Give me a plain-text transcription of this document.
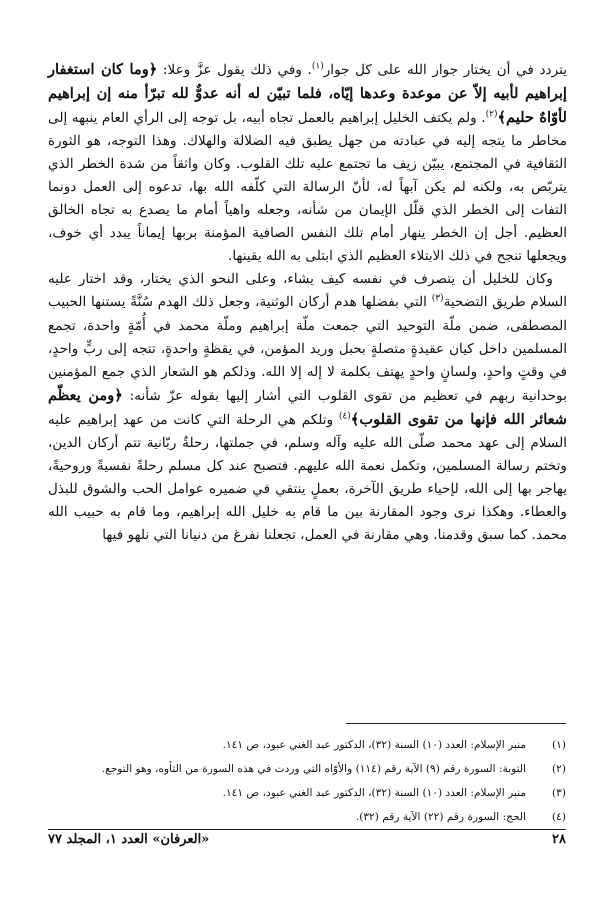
يتردد في أن يختار جوار الله على كل جوار$^{(١)}$. وفي ذلك يقول عزَّ وعلا: ﴿وما كان استغفار إبراهيم لأبيه إلاّ عن موعدة وعدها إيّاه، فلما تبيّن له أنه عدوٌّ لله تبرّأ منه إن إبراهيم لأوّاهٌ حليم﴾$^{(٢)}$. ولم يكتف الخليل إبراهيم بالعمل تجاه أبيه، بل توجه إلى الرأي العام ينبهه إلى مخاطر ما يتجه إليه في عبادته من جهل يطبق فيه الضلالة والهلاك. وهذا التوجه، هو الثورة الثقافية في المجتمع، يبيّن زيف ما تجتمع عليه تلك القلوب. وكان واثقاً من شدة الخطر الذي يتربّص به، ولكنه لم يكن آبهاً له، لأنّ الرسالة التي كلّفه الله بها، تدعوه إلى العمل دونما التفات إلى الخطر الذي قلّل الإيمان من شأنه، وجعله واهياً أمام ما يصدع به تجاه الخالق العظيم. أجل إن الخطر ينهار أمام تلك النفس الصافية المؤمنة بربها إيماناً يبدد أي خوف، ويجعلها تنجح في ذلك الابتلاء العظيم الذي ابتلى به الله يقينها.

وكان للخليل أن يتصرف في نفسه كيف يشاء، وعلى النحو الذي يختار، وقد اختار عليه السلام طريق التضحية$^{(٣)}$ التي بفضلها هدم أركان الوثنية، وجعل ذلك الهدم سُنَّةً يستنها الحبيب المصطفى، ضمن ملّة التوحيد التي جمعت ملّة إبراهيم وملّة محمد في أُمّةٍ واحدة، تجمع المسلمين داخل كيان عقيدةٍ متصلةٍ بحبل وريد المؤمن، في يقظةٍ واحدةٍ، تتجه إلى ربٍّ واحدٍ، في وقتٍ واحدٍ، ولسانٍ واحدٍ يهتف بكلمة لا إله إلا الله. وذلكم هو الشعار الذي جمع المؤمنين بوحدانية ربهم في تعظيم من تقوى القلوب التي أشار إليها بقوله عزّ شأنه: ﴿ومن يعظّم شعائر الله فإنها من تقوى القلوب﴾$^{(٤)}$ وتلكم هي الرحلة التي كانت من عهد إبراهيم عليه السلام إلى عهد محمد صلّى الله عليه وآله وسلم، في جملتها، رحلةٌ ربّانية تتم أركان الدين، وتختم رسالة المسلمين، وتكمل نعمة الله عليهم. فتصبح عند كل مسلم رحلةً نفسيةً وروحيةً، يهاجر بها إلى الله، لإحياء طريق الآخرة، بعملٍ ينتقي في ضميره عوامل الحب والشوق للبذل والعطاء. وهكذا نرى وجود المقارنة بين ما قام به خليل الله إبراهيم، وما قام به حبيب الله محمد. كما سبق وقدمنا. وهي مقارنة في العمل، تجعلنا نفرغ من دنيانا التي نلهو فيها

(١)
منبر الإسلام: العدد (١٠) السنة (٣٢)، الدكتور عبد الغني عبود، ص ١٤١.
(٢)
التوبة: السورة رقم (٩) الآية رقم (١١٤) والأوّاه التي وردت في هذه السورة من التأوه، وهو التوجع.
(٣)
منبر الإسلام: العدد (١٠) السنة (٣٢)، الدكتور عبد الغني عبود، ص ١٤١.
(٤)
الحج: السورة رقم (٢٢) الآية رقم (٣٢).
٢٨
«العرفان» العدد ١، المجلد ٧٧
